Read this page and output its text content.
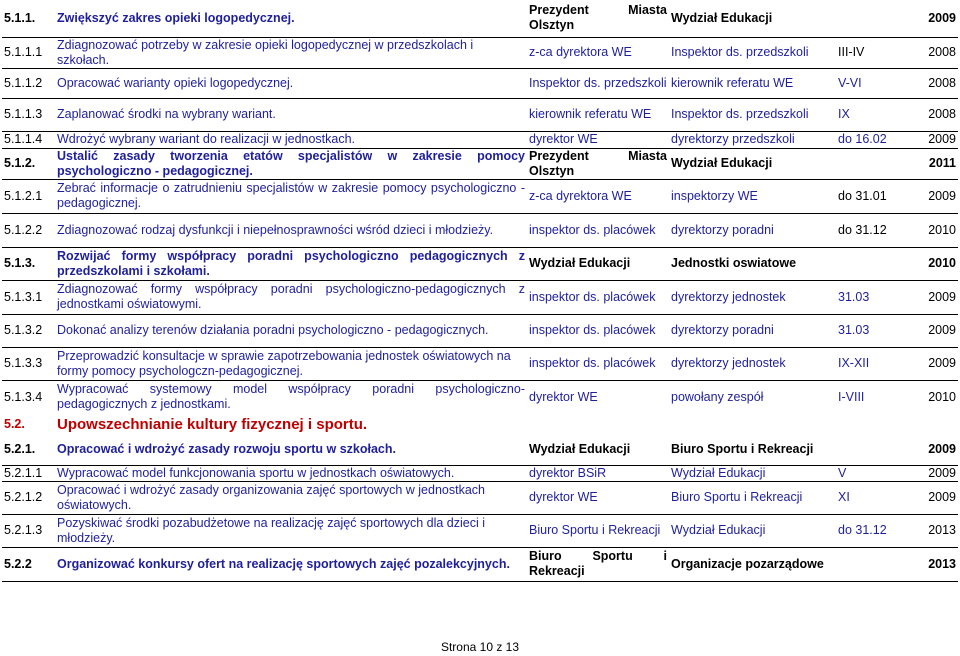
5.1.1.	Zwiększyć zakres opieki logopedycznej.	Prezydent Miasta Olsztyn	Wydział Edukacji		2009
5.1.1.1	Zdiagnozować potrzeby w zakresie opieki logopedycznej w przedszkolach i szkołach.	z-ca dyrektora WE	Inspektor ds. przedszkoli	III-IV	2008
5.1.1.2	Opracować warianty opieki logopedycznej.	Inspektor ds. przedszkoli	kierownik referatu WE	V-VI	2008
5.1.1.3	Zaplanować środki na wybrany wariant.	kierownik referatu WE	Inspektor ds. przedszkoli	IX	2008
5.1.1.4	Wdrożyć wybrany wariant do realizacji w jednostkach.	dyrektor WE	dyrektorzy przedszkoli	do 16.02	2009
5.1.2.	Ustalić zasady tworzenia etatów specjalistów w zakresie pomocy psychologiczno - pedagogicznej.	Prezydent Miasta Olsztyn	Wydział Edukacji		2011
5.1.2.1	Zebrać informacje o zatrudnieniu specjalistów w zakresie pomocy psychologiczno - pedagogicznej.	z-ca dyrektora WE	inspektorzy WE	do 31.01	2009
5.1.2.2	Zdiagnozować rodzaj dysfunkcji i niepełnosprawności wśród dzieci i młodzieży.	inspektor ds. placówek	dyrektorzy poradni	do 31.12	2010
5.1.3.	Rozwijać formy współpracy poradni psychologiczno pedagogicznych z przedszkolami i szkołami.	Wydział Edukacji	Jednostki oswiatowe		2010
5.1.3.1	Zdiagnozować formy współpracy poradni psychologiczno-pedagogicznych z jednostkami oświatowymi.	inspektor ds. placówek	dyrektorzy jednostek	31.03	2009
5.1.3.2	Dokonać analizy terenów działania poradni psychologiczno - pedagogicznych.	inspektor ds. placówek	dyrektorzy poradni	31.03	2009
5.1.3.3	Przeprowadzić konsultacje w sprawie zapotrzebowania jednostek oświatowych na formy pomocy psychologczn-pedagogicznej.	inspektor ds. placówek	dyrektorzy jednostek	IX-XII	2009
5.1.3.4	Wypracować systemowy model współpracy poradni psychologiczno-pedagogicznych z jednostkami.	dyrektor WE	powołany zespół	I-VIII	2010
5.2.	Upowszechnianie kultury fizycznej i sportu.				
5.2.1.	Opracować i wdrożyć zasady rozwoju sportu w szkołach.	Wydział Edukacji	Biuro Sportu i Rekreacji		2009
5.2.1.1	Wypracować model funkcjonowania sportu w jednostkach oświatowych.	dyrektor BSiR	Wydział Edukacji	V	2009
5.2.1.2	Opracować i wdrożyć zasady organizowania zajęć sportowych w jednostkach oświatowych.	dyrektor WE	Biuro Sportu i Rekreacji	XI	2009
5.2.1.3	Pozyskiwać środki pozabudżetowe na realizację zajęć sportowych dla dzieci i młodzieży.	Biuro Sportu i Rekreacji	Wydział Edukacji	do 31.12	2013
5.2.2	Organizować konkursy ofert na realizację sportowych zajęć pozalekcyjnych.	Biuro Sportu i Rekreacji	Organizacje pozarządowe		2013
Strona 10 z 13
